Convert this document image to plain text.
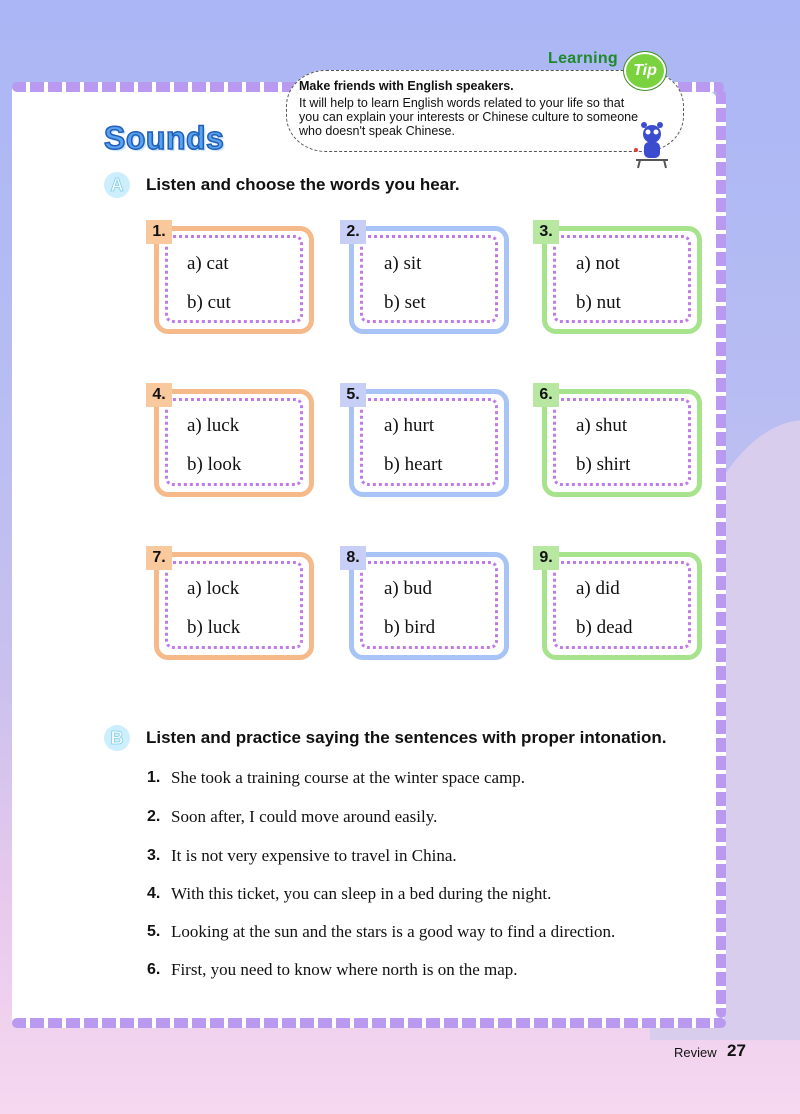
Learning
Tip
Make friends with English speakers.
It will help to learn English words related to your life so that you can explain your interests or Chinese culture to someone who doesn't speak Chinese.
Sounds
A	Listen and choose the words you hear.
1.
a) cat
b) cut
2.
a) sit
b) set
3.
a) not
b) nut
4.
a) luck
b) look
5.
a) hurt
b) heart
6.
a) shut
b) shirt
7.
a) lock
b) luck
8.
a) bud
b) bird
9.
a) did
b) dead
B	Listen and practice saying the sentences with proper intonation.
1. She took a training course at the winter space camp.
2. Soon after, I could move around easily.
3. It is not very expensive to travel in China.
4. With this ticket, you can sleep in a bed during the night.
5. Looking at the sun and the stars is a good way to find a direction.
6. First, you need to know where north is on the map.
Review 27
